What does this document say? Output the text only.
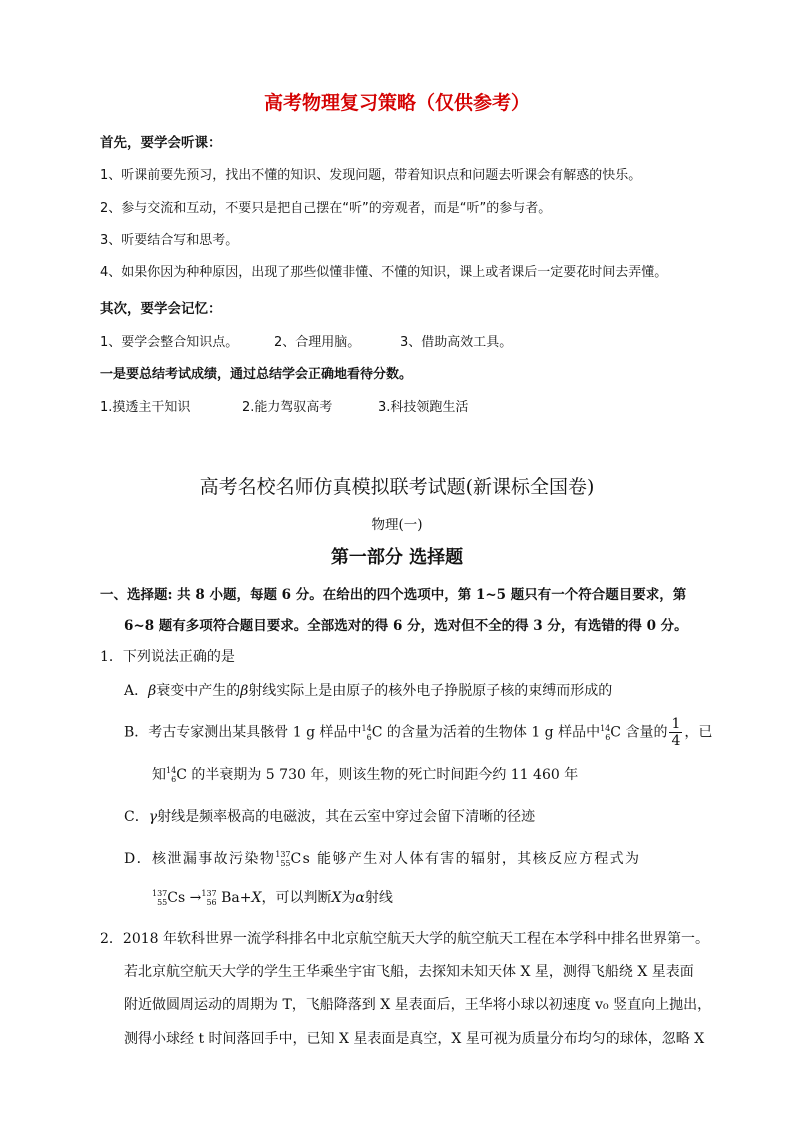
高考物理复习策略（仅供参考）
首先，要学会听课：
1、听课前要先预习，找出不懂的知识、发现问题，带着知识点和问题去听课会有解惑的快乐。
2、参与交流和互动，不要只是把自己摆在“听”的旁观者，而是“听”的参与者。
3、听要结合写和思考。
4、如果你因为种种原因，出现了那些似懂非懂、不懂的知识，课上或者课后一定要花时间去弄懂。
其次，要学会记忆：
1、要学会整合知识点。	2、合理用脑。	3、借助高效工具。
一是要总结考试成绩，通过总结学会正确地看待分数。
1.摸透主干知识	2.能力驾驭高考	3.科技领跑生活
高考名校名师仿真模拟联考试题(新课标全国卷)
物理(一)
第一部分 选择题
一、选择题: 共 8 小题，每题 6 分。在给出的四个选项中，第 1~5 题只有一个符合题目要求，第
6~8 题有多项符合题目要求。全部选对的得 6 分，选对但不全的得 3 分，有选错的得 0 分。
1．下列说法正确的是
A．β衰变中产生的β射线实际上是由原子的核外电子挣脱原子核的束缚而形成的
B．考古专家测出某具骸骨 1 g 样品中 14
6 C 的含量为活着的生物体 1 g 样品中 14
6 C 含量的 $\frac{1}{4}$ ，已
知 14
6 C 的半衰期为 5 730 年，则该生物的死亡时间距今约 11 460 年
C．γ射线是频率极高的电磁波，其在云室中穿过会留下清晰的径迹
D．核泄漏事故污染物 137
55 Cs 能够产生对人体有害的辐射，其核反应方程式为
137
55 Cs → 137
56 Ba+X，可以判断X为α射线
2．2018 年软科世界一流学科排名中北京航空航天大学的航空航天工程在本学科中排名世界第一。
若北京航空航天大学的学生王华乘坐宇宙飞船，去探知未知天体 X 星，测得飞船绕 X 星表面
附近做圆周运动的周期为 T，飞船降落到 X 星表面后，王华将小球以初速度 v₀ 竖直向上抛出，
测得小球经 t 时间落回手中，已知 X 星表面是真空，X 星可视为质量分布均匀的球体，忽略 X
